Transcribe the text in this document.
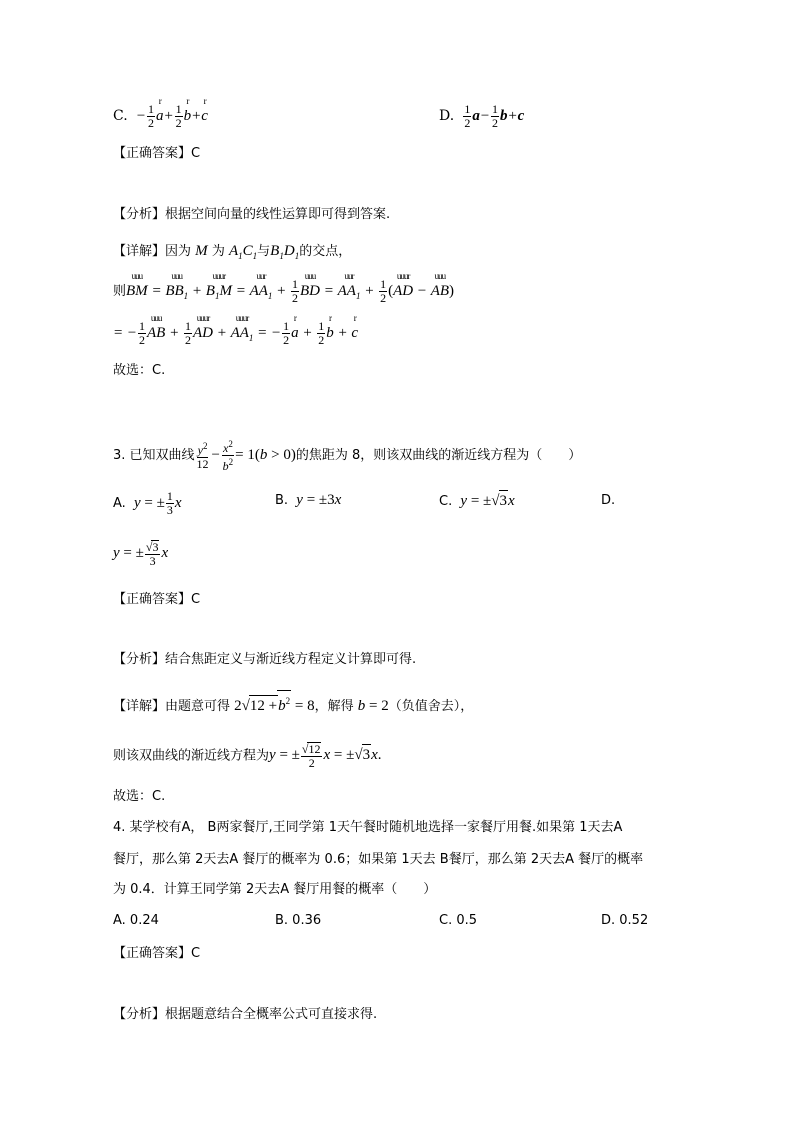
C.  − $\frac{1}{2}$ a
r
+ $\frac{1}{2}$ b
r
+c
r
D. $\frac{1}{2} a- \frac{1}{2} b+c$
【正确答案】C
【分析】根据空间向量的线性运算即可得到答案.
【详解】因为 M 为 $A_1C_1$与$B_1D_1$的交点，
则BM
uuu
= $BB_1$
uuu
+ $B_1M$
uuur
= $AA_1$
uur
+ $\frac{1}{2}$ BD
uuu
= $AA_1$
uur
+ $\frac{1}{2} (AD$
uuur
− AB
uuu
)
= − $\frac{1}{2}$ AB
uuu
+ $\frac{1}{2}$ AD
uuur
+ $AA_1$
uuur
= − $\frac{1}{2}$ a
r
+ $\frac{1}{2}$ b
r
+ c
r
故选：C.
3. 已知双曲线 $\frac{y^2}{12} - \frac{x^2}{b^2} = 1(b > 0)$的焦距为 8，则该双曲线的渐近线方程为（　　）
A.  y = ± $\frac{1}{3}$ x	B.  y = ±3x	C.  y = ±√3x	D.
y = ± $\frac{√3}{3}$ x
【正确答案】C
【分析】结合焦距定义与渐近线方程定义计算即可得.
【详解】由题意可得 $2√12 +b^2 = 8$，解得 b = 2（负值舍去），
则该双曲线的渐近线方程为y = ± $\frac{√12}{2}$ x = ±√3x.
故选：C.
4. 某学校有A， B两家餐厅,王同学第 1天午餐时随机地选择一家餐厅用餐.如果第 1天去A
餐厅，那么第 2天去A 餐厅的概率为 0.6；如果第 1天去 B餐厅，那么第 2天去A 餐厅的概率
为 0.4．计算王同学第 2天去A 餐厅用餐的概率（　　）
A. 0.24	B. 0.36	C. 0.5	D. 0.52
【正确答案】C
【分析】根据题意结合全概率公式可直接求得.
